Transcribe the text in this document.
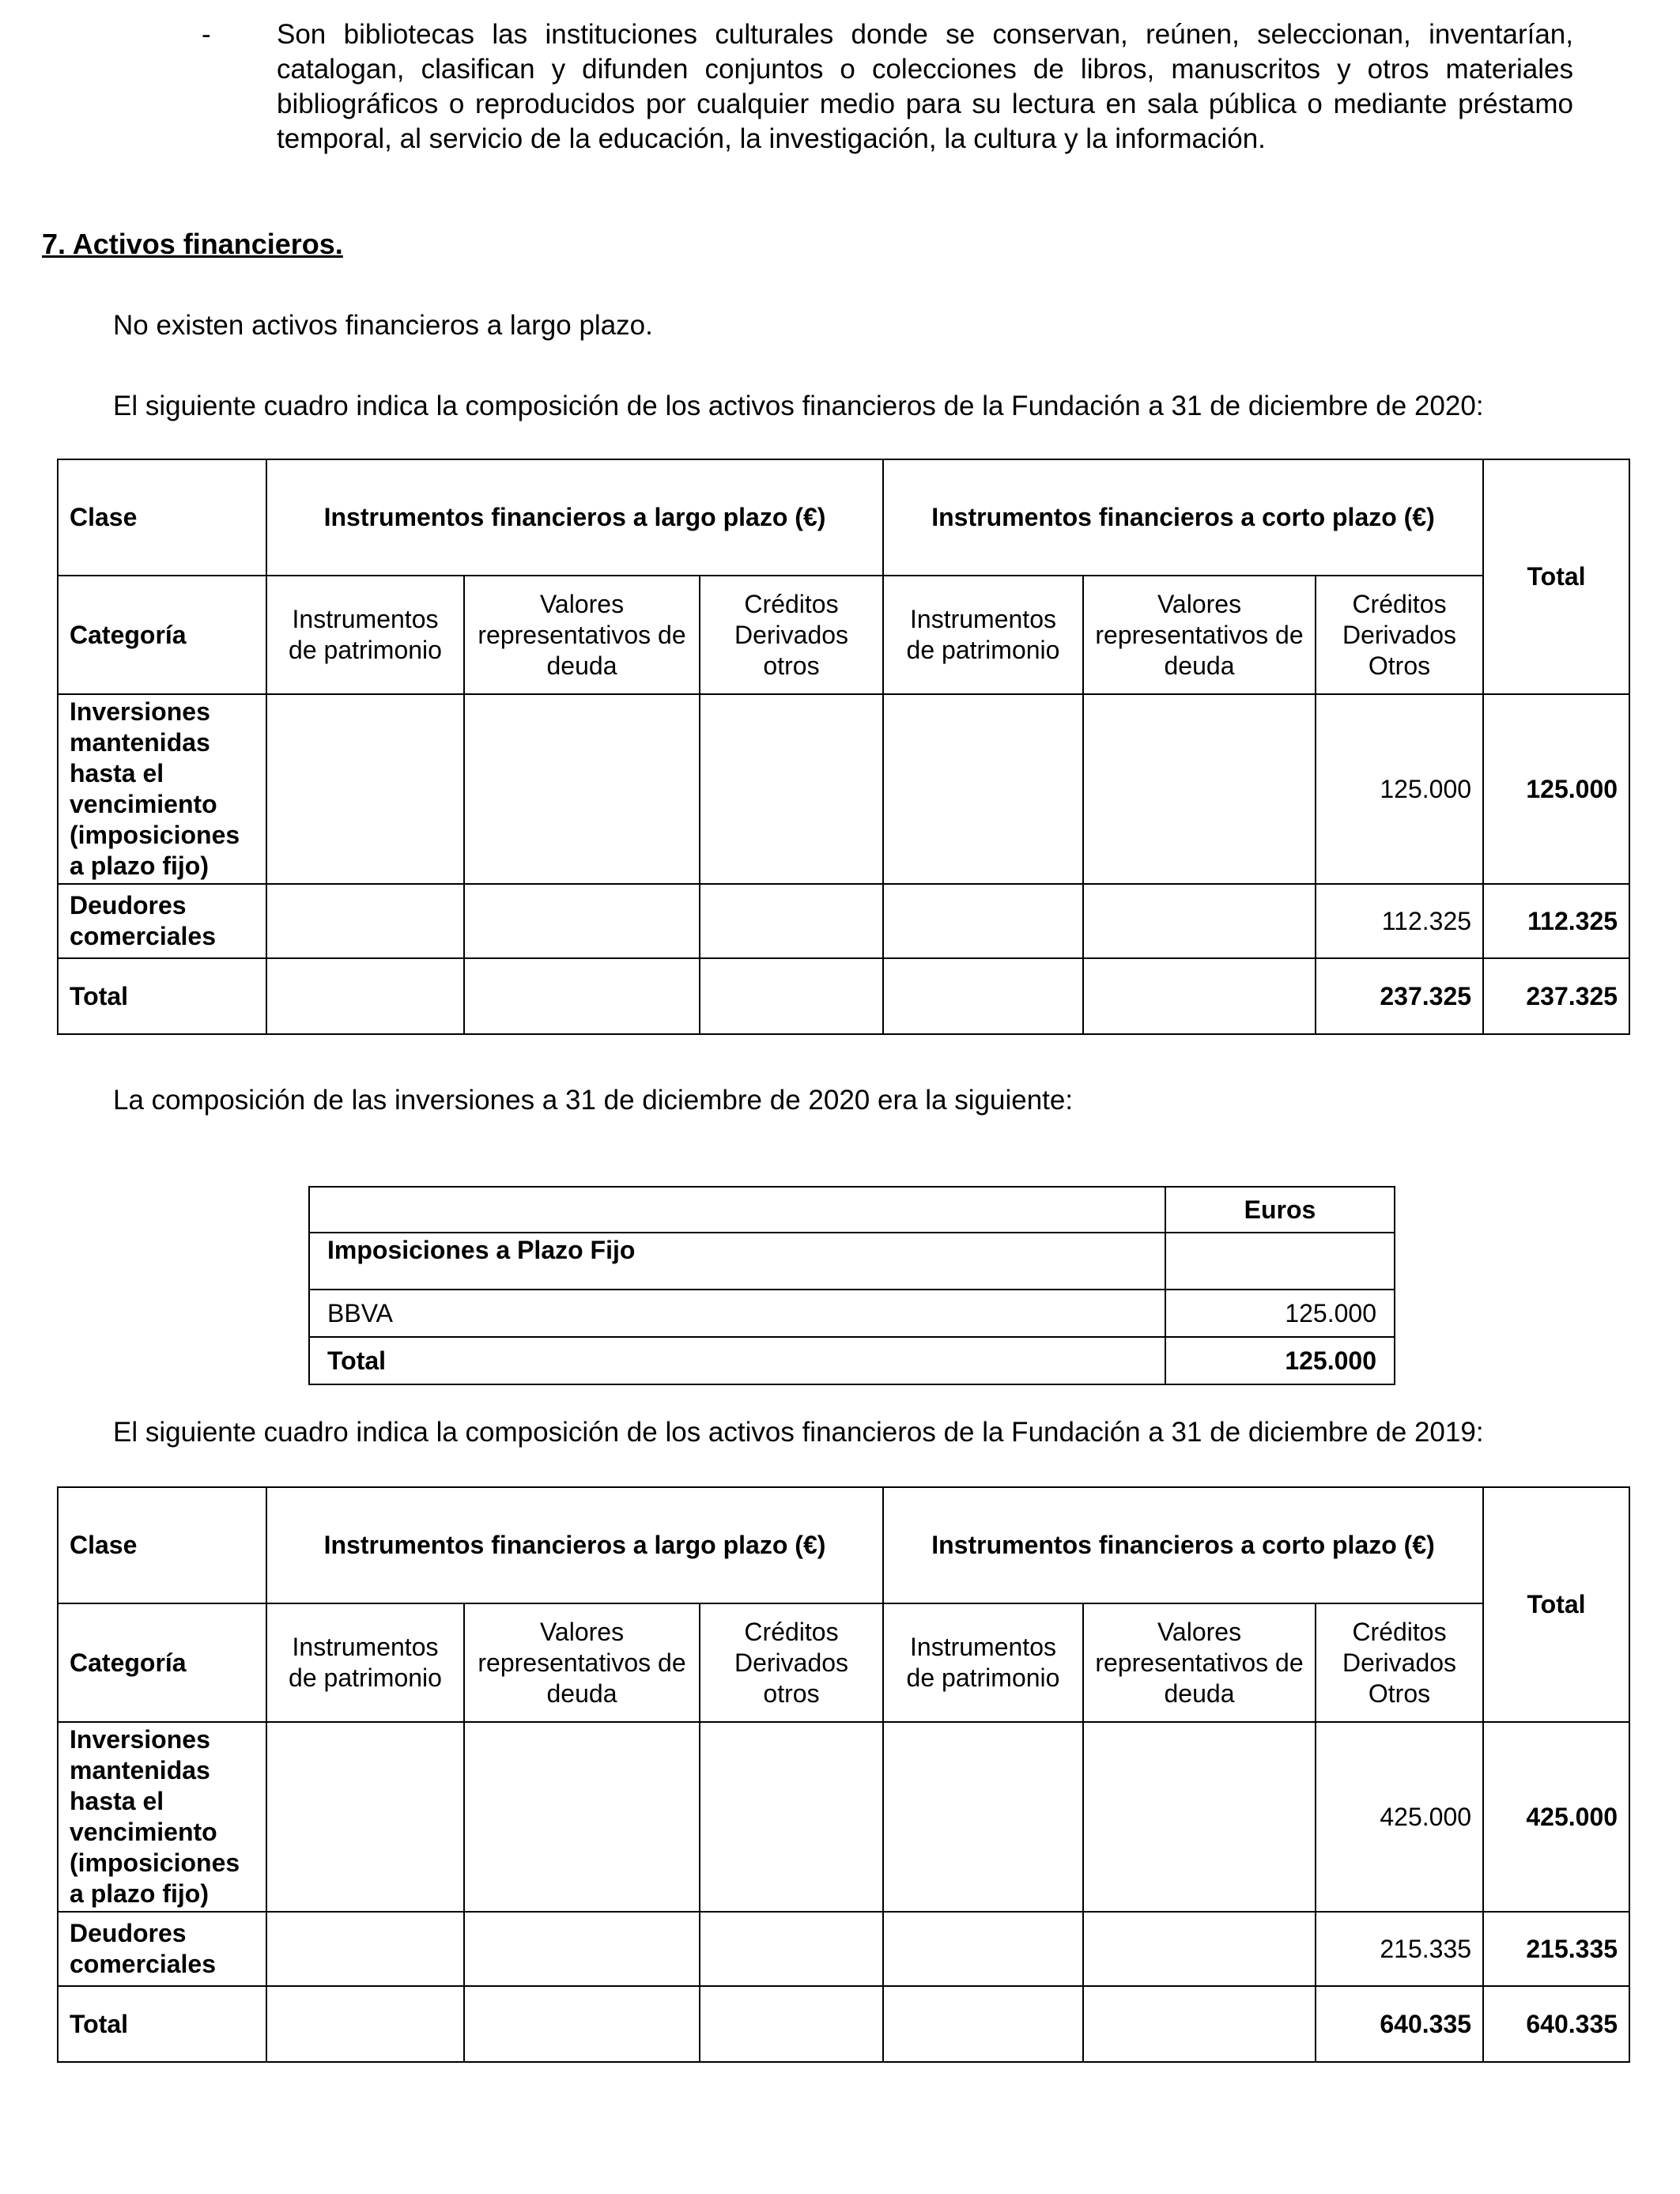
- Son bibliotecas las instituciones culturales donde se conservan, reúnen, seleccionan, inventarían, catalogan, clasifican y difunden conjuntos o colecciones de libros, manuscritos y otros materiales bibliográficos o reproducidos por cualquier medio para su lectura en sala pública o mediante préstamo temporal, al servicio de la educación, la investigación, la cultura y la información.
7. Activos financieros.
No existen activos financieros a largo plazo.
El siguiente cuadro indica la composición de los activos financieros de la Fundación a 31 de diciembre de 2020:
Clase	Instrumentos financieros a largo plazo (€)			Instrumentos financieros a corto plazo (€)			Total
Categoría	Instrumentos de patrimonio	Valores representativos de deuda	Créditos Derivados otros	Instrumentos de patrimonio	Valores representativos de deuda	Créditos Derivados Otros	
Inversiones mantenidas hasta el vencimiento (imposiciones a plazo fijo)						125.000	125.000
Deudores comerciales						112.325	112.325
Total						237.325	237.325
La composición de las inversiones a 31 de diciembre de 2020 era la siguiente:
	Euros
Imposiciones a Plazo Fijo	
BBVA	125.000
Total	125.000
El siguiente cuadro indica la composición de los activos financieros de la Fundación a 31 de diciembre de 2019:
Clase	Instrumentos financieros a largo plazo (€)			Instrumentos financieros a corto plazo (€)			Total
Categoría	Instrumentos de patrimonio	Valores representativos de deuda	Créditos Derivados otros	Instrumentos de patrimonio	Valores representativos de deuda	Créditos Derivados Otros	
Inversiones mantenidas hasta el vencimiento (imposiciones a plazo fijo)						425.000	425.000
Deudores comerciales						215.335	215.335
Total						640.335	640.335
